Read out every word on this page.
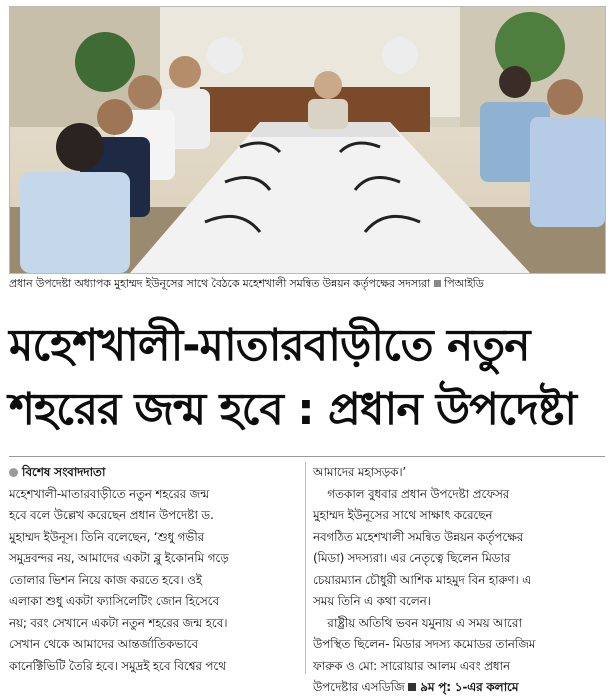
প্রধান উপদেষ্টা অধ্যাপক মুহাম্মদ ইউনূসের সাথে বৈঠকে মহেশখালী সমন্বিত উন্নয়ন কর্তৃপক্ষের সদস্যরা পিআইডি
মহেশখালী-মাতারবাড়ীতে নতুন
শহরের জন্ম হবে : প্রধান উপদেষ্টা
বিশেষ সংবাদদাতা
মহেশখালী-মাতারবাড়ীতে নতুন শহরের জন্ম
হবে বলে উল্লেখ করেছেন প্রধান উপদেষ্টা ড.
মুহাম্মদ ইউনূস। তিনি বলেছেন, ‘শুধু গভীর
সমুদ্রবন্দর নয়, আমাদের একটা ব্লু ইকোনমি গড়ে
তোলার ভিশন নিয়ে কাজ করতে হবে। ওই
এলাকা শুধু একটা ফ্যাসিলেটিং জোন হিসেবে
নয়; বরং সেখানে একটা নতুন শহরের জন্ম হবে।
সেখান থেকে আমাদের আন্তর্জাতিকভাবে
কানেক্টিভিটি তৈরি হবে। সমুদ্রই হবে বিশ্বের পথে
আমাদের মহাসড়ক।’
গতকাল বুধবার প্রধান উপদেষ্টা প্রফেসর
মুহাম্মদ ইউনূসের সাথে সাক্ষাৎ করেছেন
নবগঠিত মহেশখালী সমন্বিত উন্নয়ন কর্তৃপক্ষের
(মিডা) সদস্যরা। এর নেতৃত্বে ছিলেন মিডার
চেয়ারম্যান চৌধুরী আশিক মাহমুদ বিন হারুণ। এ
সময় তিনি এ কথা বলেন।
রাষ্ট্রীয় অতিথি ভবন যমুনায় এ সময় আরো
উপস্থিত ছিলেন- মিডার সদস্য কমোডর তানজিম
ফারুক ও মো: সারোয়ার আলম এবং প্রধান
উপদেষ্টার এসডিজি ৯ম পৃ: ১-এর কলামে
